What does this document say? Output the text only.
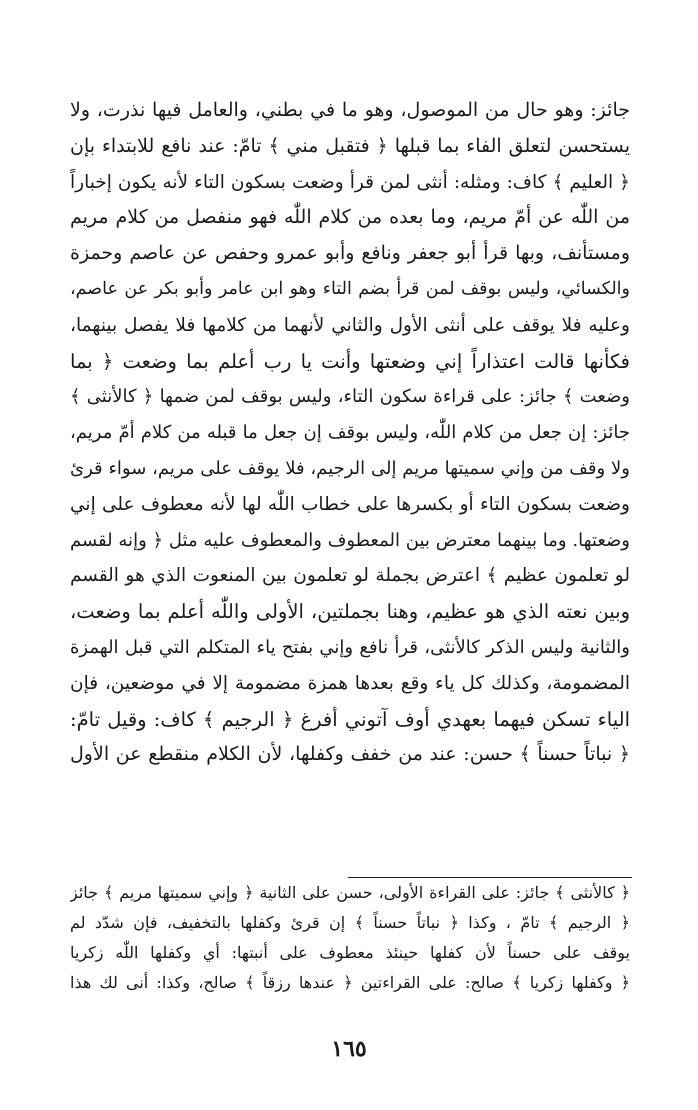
جائز: وهو حال من الموصول، وهو ما في بطني، والعامل فيها نذرت، ولا
يستحسن لتعلق الفاء بما قبلها ﴿ فتقبل مني ﴾ تامّ: عند نافع للابتداء بإن
﴿ العليم ﴾ كاف: ومثله: أنثى لمن قرأ وضعت بسكون التاء لأنه يكون إخباراً
من اللّٰه عن أمّ مريم، وما بعده من كلام اللّٰه فهو منفصل من كلام مريم
ومستأنف، وبها قرأ أبو جعفر ونافع وأبو عمرو وحفص عن عاصم وحمزة
والكسائي، وليس بوقف لمن قرأ بضم التاء وهو ابن عامر وأبو بكر عن عاصم،
وعليه فلا يوقف على أنثى الأول والثاني لأنهما من كلامها فلا يفصل بينهما،
فكأنها قالت اعتذاراً إني وضعتها وأنت يا رب أعلم بما وضعت ﴿ بما
وضعت ﴾ جائز: على قراءة سكون التاء، وليس بوقف لمن ضمها ﴿ كالأنثى ﴾
جائز: إن جعل من كلام اللّٰه، وليس بوقف إن جعل ما قبله من كلام أمّ مريم،
ولا وقف من وإني سميتها مريم إلى الرجيم، فلا يوقف على مريم، سواء قرئ
وضعت بسكون التاء أو بكسرها على خطاب اللّٰه لها لأنه معطوف على إني
وضعتها. وما بينهما معترض بين المعطوف والمعطوف عليه مثل ﴿ وإنه لقسم
لو تعلمون عظيم ﴾ اعترض بجملة لو تعلمون بين المنعوت الذي هو القسم
وبين نعته الذي هو عظيم، وهنا بجملتين، الأولى واللّٰه أعلم بما وضعت،
والثانية وليس الذكر كالأنثى، قرأ نافع وإني بفتح ياء المتكلم التي قبل الهمزة
المضمومة، وكذلك كل ياء وقع بعدها همزة مضمومة إلا في موضعين، فإن
الياء تسكن فيهما بعهدي أوف آتوني أفرغ ﴿ الرجيم ﴾ كاف: وقيل تامّ:
﴿ نباتاً حسناً ﴾ حسن: عند من خفف وكفلها، لأن الكلام منقطع عن الأول
﴿ كالأنثى ﴾ جائز: على القراءة الأولى، حسن على الثانية ﴿ وإني سميتها مريم ﴾ جائز
﴿ الرجيم ﴾ تامّ ، وكذا ﴿ نباتاً حسناً ﴾ إن قرئ وكفلها بالتخفيف، فإن شدّد لم
يوقف على حسناً لأن كفلها حينئذ معطوف على أنبتها: أي وكفلها اللّٰه زكريا
﴿ وكفلها زكريا ﴾ صالح: على القراءتين ﴿ عندها رزقاً ﴾ صالح، وكذا: أنى لك هذا
١٦٥
